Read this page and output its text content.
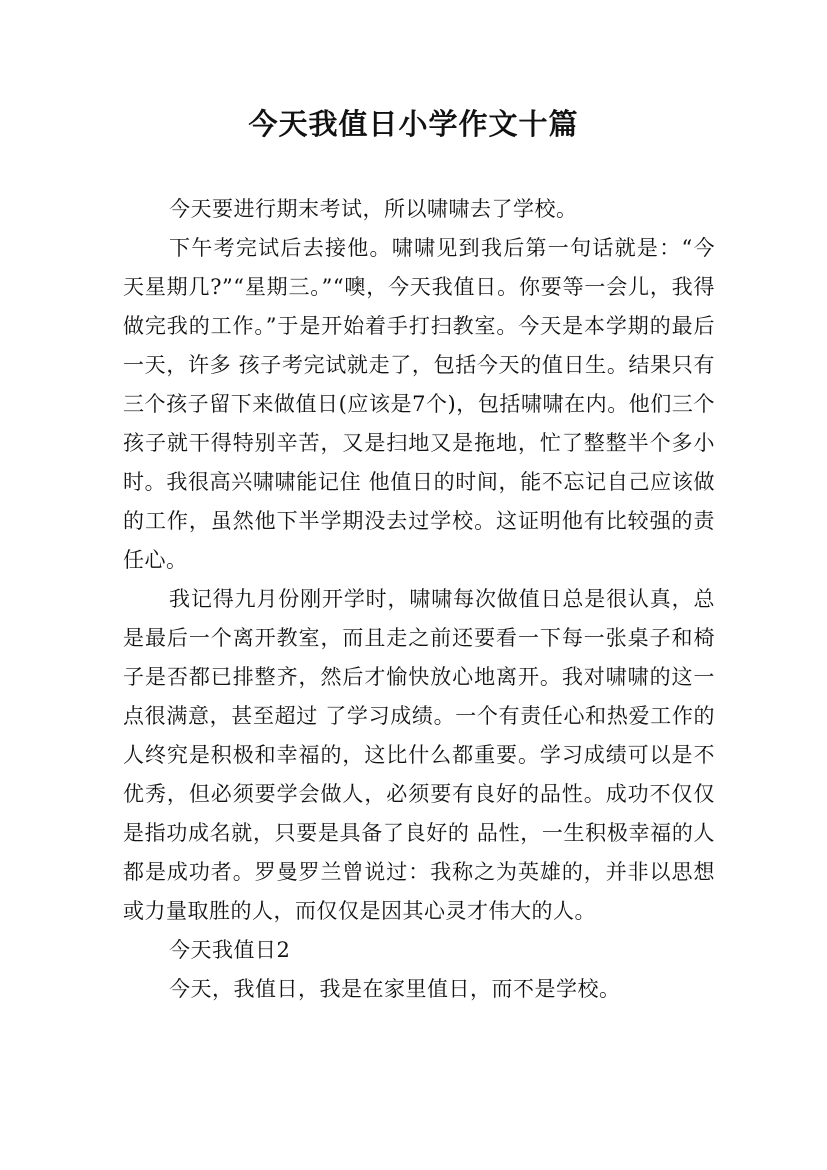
今天我值日小学作文十篇

今天要进行期末考试，所以啸啸去了学校。

下午考完试后去接他。啸啸见到我后第一句话就是：“今天星期几?”“星期三。”“噢，今天我值日。你要等一会儿，我得做完我的工作。”于是开始着手打扫教室。今天是本学期的最后一天，许多 孩子考完试就走了，包括今天的值日生。结果只有三个孩子留下来做值日(应该是7个)，包括啸啸在内。他们三个孩子就干得特别辛苦，又是扫地又是拖地，忙了整整半个多小时。我很高兴啸啸能记住 他值日的时间，能不忘记自己应该做的工作，虽然他下半学期没去过学校。这证明他有比较强的责任心。

我记得九月份刚开学时，啸啸每次做值日总是很认真，总是最后一个离开教室，而且走之前还要看一下每一张桌子和椅子是否都已排整齐，然后才愉快放心地离开。我对啸啸的这一点很满意，甚至超过 了学习成绩。一个有责任心和热爱工作的人终究是积极和幸福的，这比什么都重要。学习成绩可以是不优秀，但必须要学会做人，必须要有良好的品性。成功不仅仅是指功成名就，只要是具备了良好的 品性，一生积极幸福的人都是成功者。罗曼罗兰曾说过：我称之为英雄的，并非以思想或力量取胜的人，而仅仅是因其心灵才伟大的人。

今天我值日2

今天，我值日，我是在家里值日，而不是学校。
